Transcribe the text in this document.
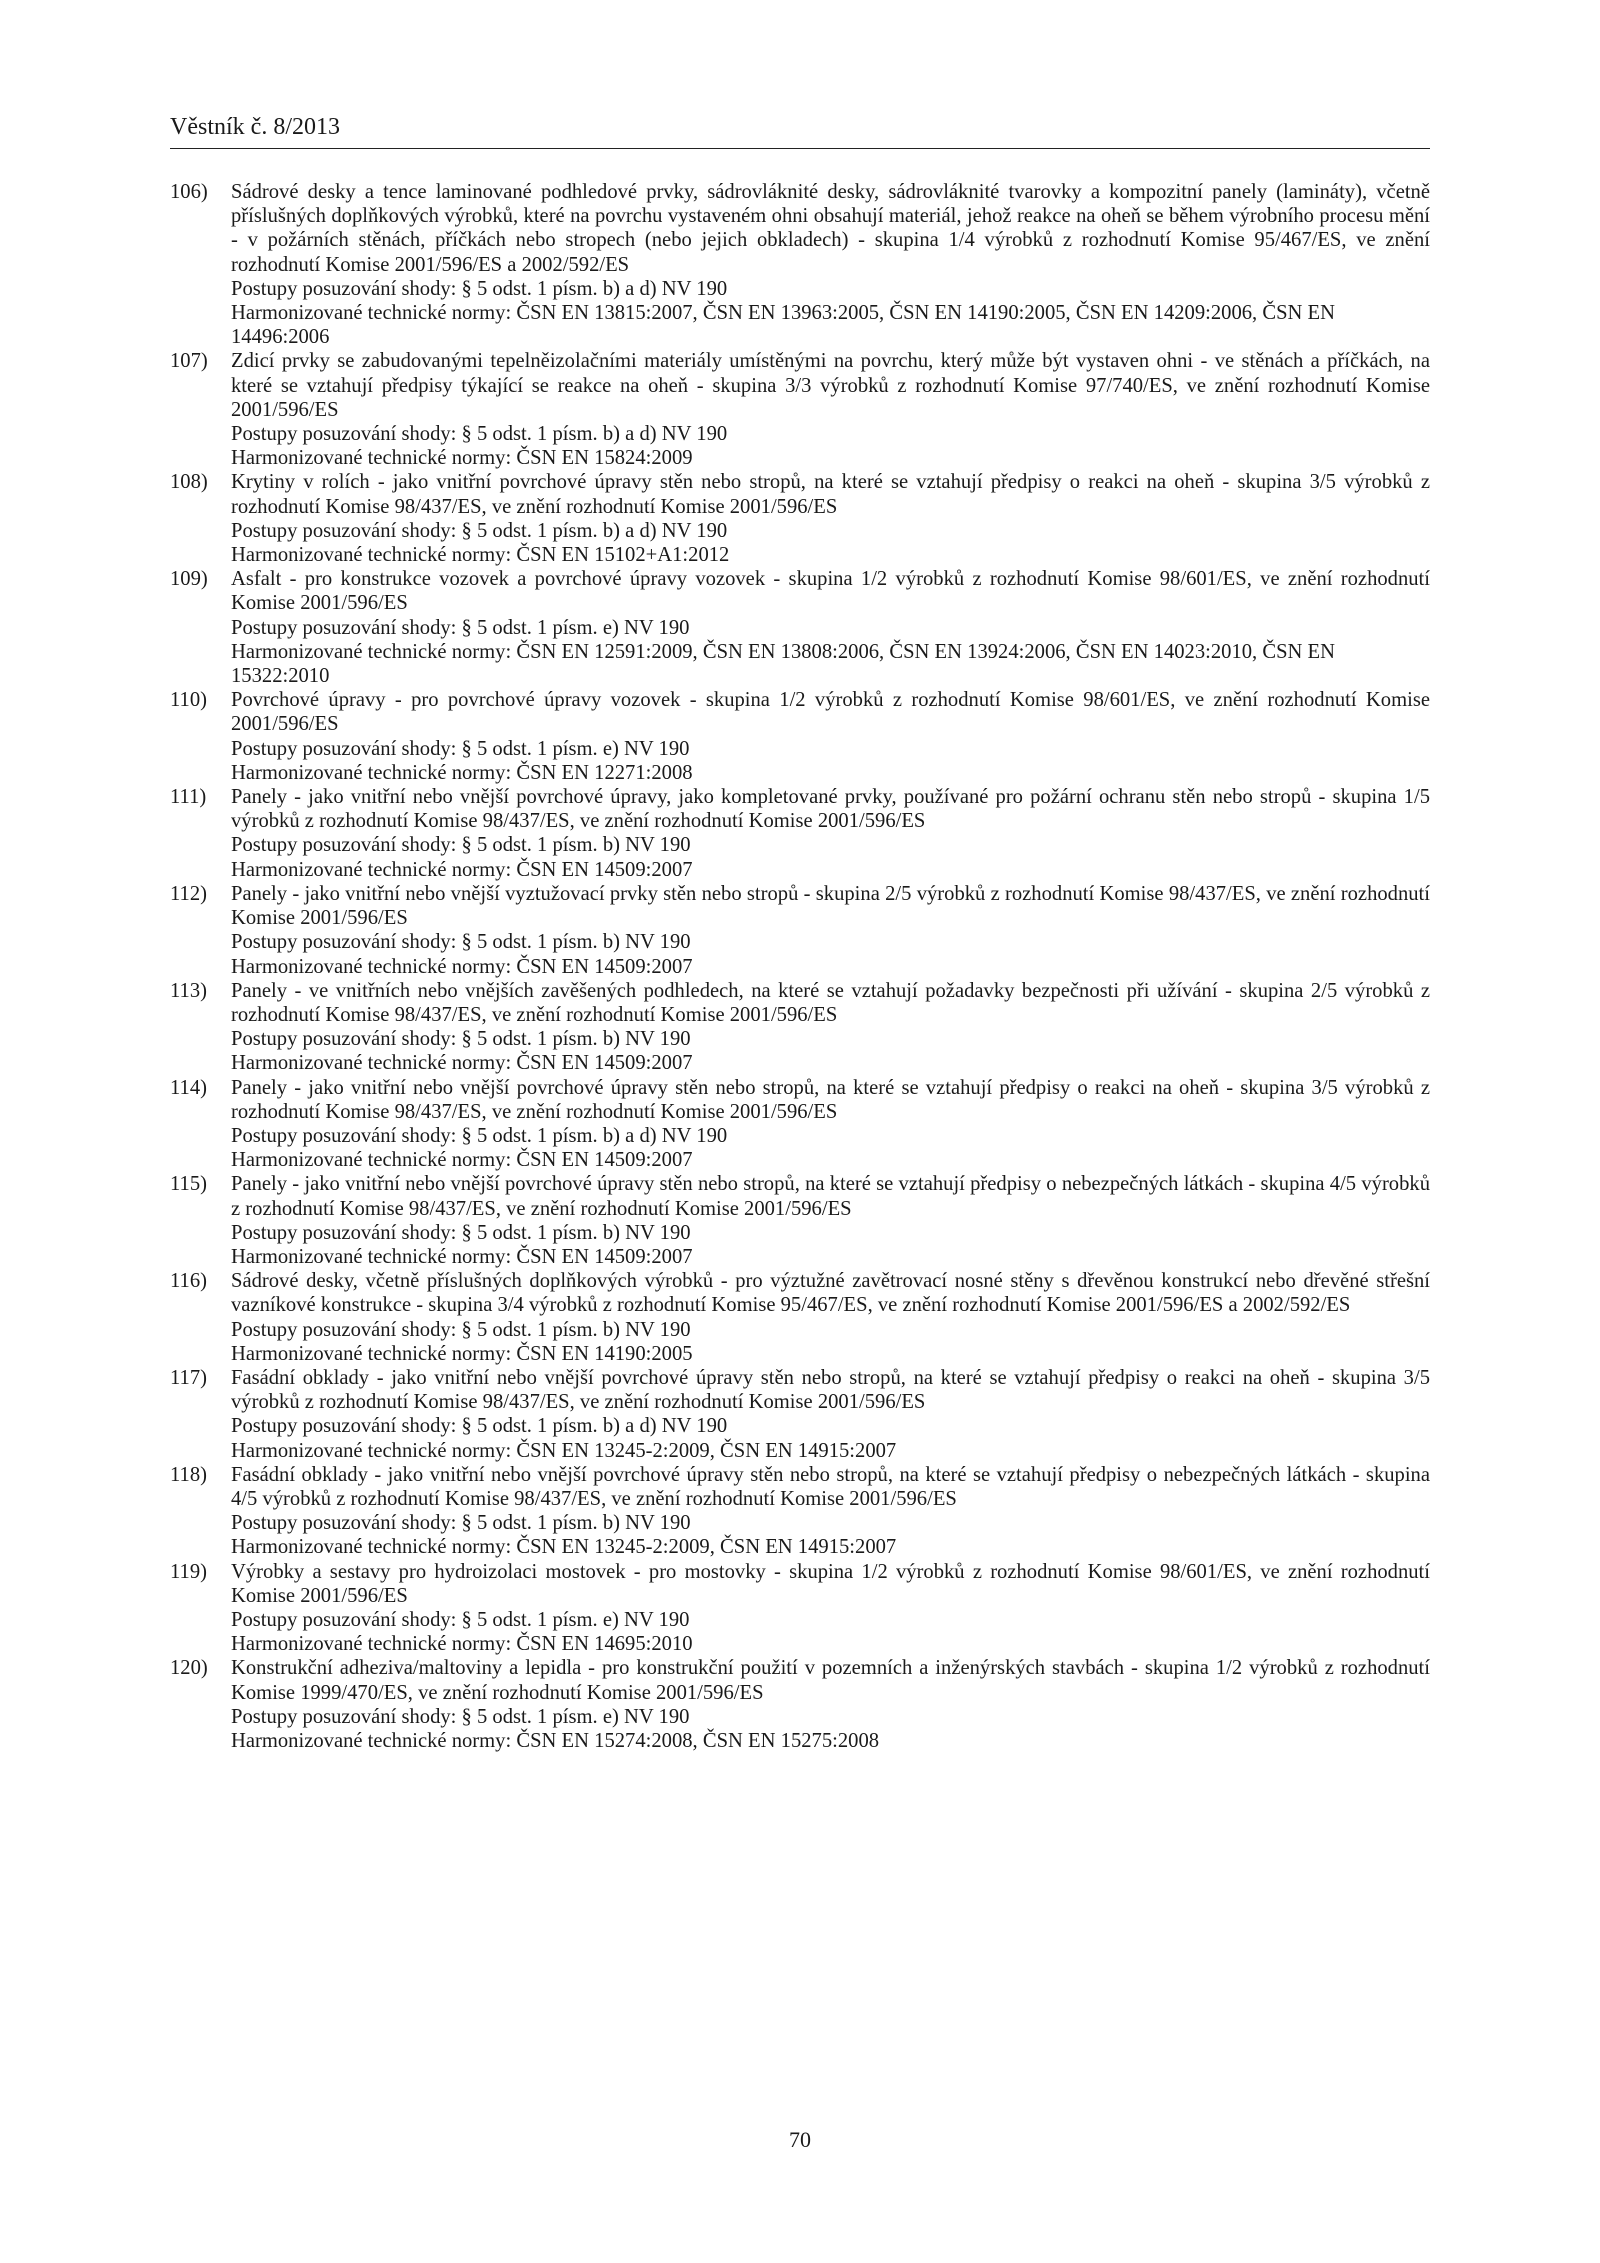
Věstník č. 8/2013
106)	Sádrové desky a tence laminované podhledové prvky, sádrovláknité desky, sádrovláknité tvarovky a kompozitní panely (lamináty), včetně příslušných doplňkových výrobků, které na povrchu vystaveném ohni obsahují materiál, jehož reakce na oheň se během výrobního procesu mění - v požárních stěnách, příčkách nebo stropech (nebo jejich obkladech) - skupina 1/4 výrobků z rozhodnutí Komise 95/467/ES, ve znění rozhodnutí Komise 2001/596/ES a 2002/592/ES
Postupy posuzování shody: § 5 odst. 1 písm. b) a d) NV 190
Harmonizované technické normy: ČSN EN 13815:2007, ČSN EN 13963:2005, ČSN EN 14190:2005, ČSN EN 14209:2006, ČSN EN 14496:2006
107)	Zdicí prvky se zabudovanými tepelněizolačními materiály umístěnými na povrchu, který může být vystaven ohni - ve stěnách a příčkách, na které se vztahují předpisy týkající se reakce na oheň - skupina 3/3 výrobků z rozhodnutí Komise 97/740/ES, ve znění rozhodnutí Komise 2001/596/ES
Postupy posuzování shody: § 5 odst. 1 písm. b) a d) NV 190
Harmonizované technické normy: ČSN EN 15824:2009
108)	Krytiny v rolích - jako vnitřní povrchové úpravy stěn nebo stropů, na které se vztahují předpisy o reakci na oheň - skupina 3/5 výrobků z rozhodnutí Komise 98/437/ES, ve znění rozhodnutí Komise 2001/596/ES
Postupy posuzování shody: § 5 odst. 1 písm. b) a d) NV 190
Harmonizované technické normy: ČSN EN 15102+A1:2012
109)	Asfalt - pro konstrukce vozovek a povrchové úpravy vozovek - skupina 1/2 výrobků z rozhodnutí Komise 98/601/ES, ve znění rozhodnutí Komise 2001/596/ES
Postupy posuzování shody: § 5 odst. 1 písm. e) NV 190
Harmonizované technické normy: ČSN EN 12591:2009, ČSN EN 13808:2006, ČSN EN 13924:2006, ČSN EN 14023:2010, ČSN EN 15322:2010
110)	Povrchové úpravy - pro povrchové úpravy vozovek - skupina 1/2 výrobků z rozhodnutí Komise 98/601/ES, ve znění rozhodnutí Komise 2001/596/ES
Postupy posuzování shody: § 5 odst. 1 písm. e) NV 190
Harmonizované technické normy: ČSN EN 12271:2008
111)	Panely - jako vnitřní nebo vnější povrchové úpravy, jako kompletované prvky, používané pro požární ochranu stěn nebo stropů - skupina 1/5 výrobků z rozhodnutí Komise 98/437/ES, ve znění rozhodnutí Komise 2001/596/ES
Postupy posuzování shody: § 5 odst. 1 písm. b) NV 190
Harmonizované technické normy: ČSN EN 14509:2007
112)	Panely - jako vnitřní nebo vnější vyztužovací prvky stěn nebo stropů - skupina 2/5 výrobků z rozhodnutí Komise 98/437/ES, ve znění rozhodnutí Komise 2001/596/ES
Postupy posuzování shody: § 5 odst. 1 písm. b) NV 190
Harmonizované technické normy: ČSN EN 14509:2007
113)	Panely - ve vnitřních nebo vnějších zavěšených podhledech, na které se vztahují požadavky bezpečnosti při užívání - skupina 2/5 výrobků z rozhodnutí Komise 98/437/ES, ve znění rozhodnutí Komise 2001/596/ES
Postupy posuzování shody: § 5 odst. 1 písm. b) NV 190
Harmonizované technické normy: ČSN EN 14509:2007
114)	Panely - jako vnitřní nebo vnější povrchové úpravy stěn nebo stropů, na které se vztahují předpisy o reakci na oheň - skupina 3/5 výrobků z rozhodnutí Komise 98/437/ES, ve znění rozhodnutí Komise 2001/596/ES
Postupy posuzování shody: § 5 odst. 1 písm. b) a d) NV 190
Harmonizované technické normy: ČSN EN 14509:2007
115)	Panely - jako vnitřní nebo vnější povrchové úpravy stěn nebo stropů, na které se vztahují předpisy o nebezpečných látkách - skupina 4/5 výrobků z rozhodnutí Komise 98/437/ES, ve znění rozhodnutí Komise 2001/596/ES
Postupy posuzování shody: § 5 odst. 1 písm. b) NV 190
Harmonizované technické normy: ČSN EN 14509:2007
116)	Sádrové desky, včetně příslušných doplňkových výrobků - pro výztužné zavětrovací nosné stěny s dřevěnou konstrukcí nebo dřevěné střešní vazníkové konstrukce - skupina 3/4 výrobků z rozhodnutí Komise 95/467/ES, ve znění rozhodnutí Komise 2001/596/ES a 2002/592/ES
Postupy posuzování shody: § 5 odst. 1 písm. b) NV 190
Harmonizované technické normy: ČSN EN 14190:2005
117)	Fasádní obklady - jako vnitřní nebo vnější povrchové úpravy stěn nebo stropů, na které se vztahují předpisy o reakci na oheň - skupina 3/5 výrobků z rozhodnutí Komise 98/437/ES, ve znění rozhodnutí Komise 2001/596/ES
Postupy posuzování shody: § 5 odst. 1 písm. b) a d) NV 190
Harmonizované technické normy: ČSN EN 13245-2:2009, ČSN EN 14915:2007
118)	Fasádní obklady - jako vnitřní nebo vnější povrchové úpravy stěn nebo stropů, na které se vztahují předpisy o nebezpečných látkách - skupina 4/5 výrobků z rozhodnutí Komise 98/437/ES, ve znění rozhodnutí Komise 2001/596/ES
Postupy posuzování shody: § 5 odst. 1 písm. b) NV 190
Harmonizované technické normy: ČSN EN 13245-2:2009, ČSN EN 14915:2007
119)	Výrobky a sestavy pro hydroizolaci mostovek - pro mostovky - skupina 1/2 výrobků z rozhodnutí Komise 98/601/ES, ve znění rozhodnutí Komise 2001/596/ES
Postupy posuzování shody: § 5 odst. 1 písm. e) NV 190
Harmonizované technické normy: ČSN EN 14695:2010
120)	Konstrukční adheziva/maltoviny a lepidla - pro konstrukční použití v pozemních a inženýrských stavbách - skupina 1/2 výrobků z rozhodnutí Komise 1999/470/ES, ve znění rozhodnutí Komise 2001/596/ES
Postupy posuzování shody: § 5 odst. 1 písm. e) NV 190
Harmonizované technické normy: ČSN EN 15274:2008, ČSN EN 15275:2008
70
